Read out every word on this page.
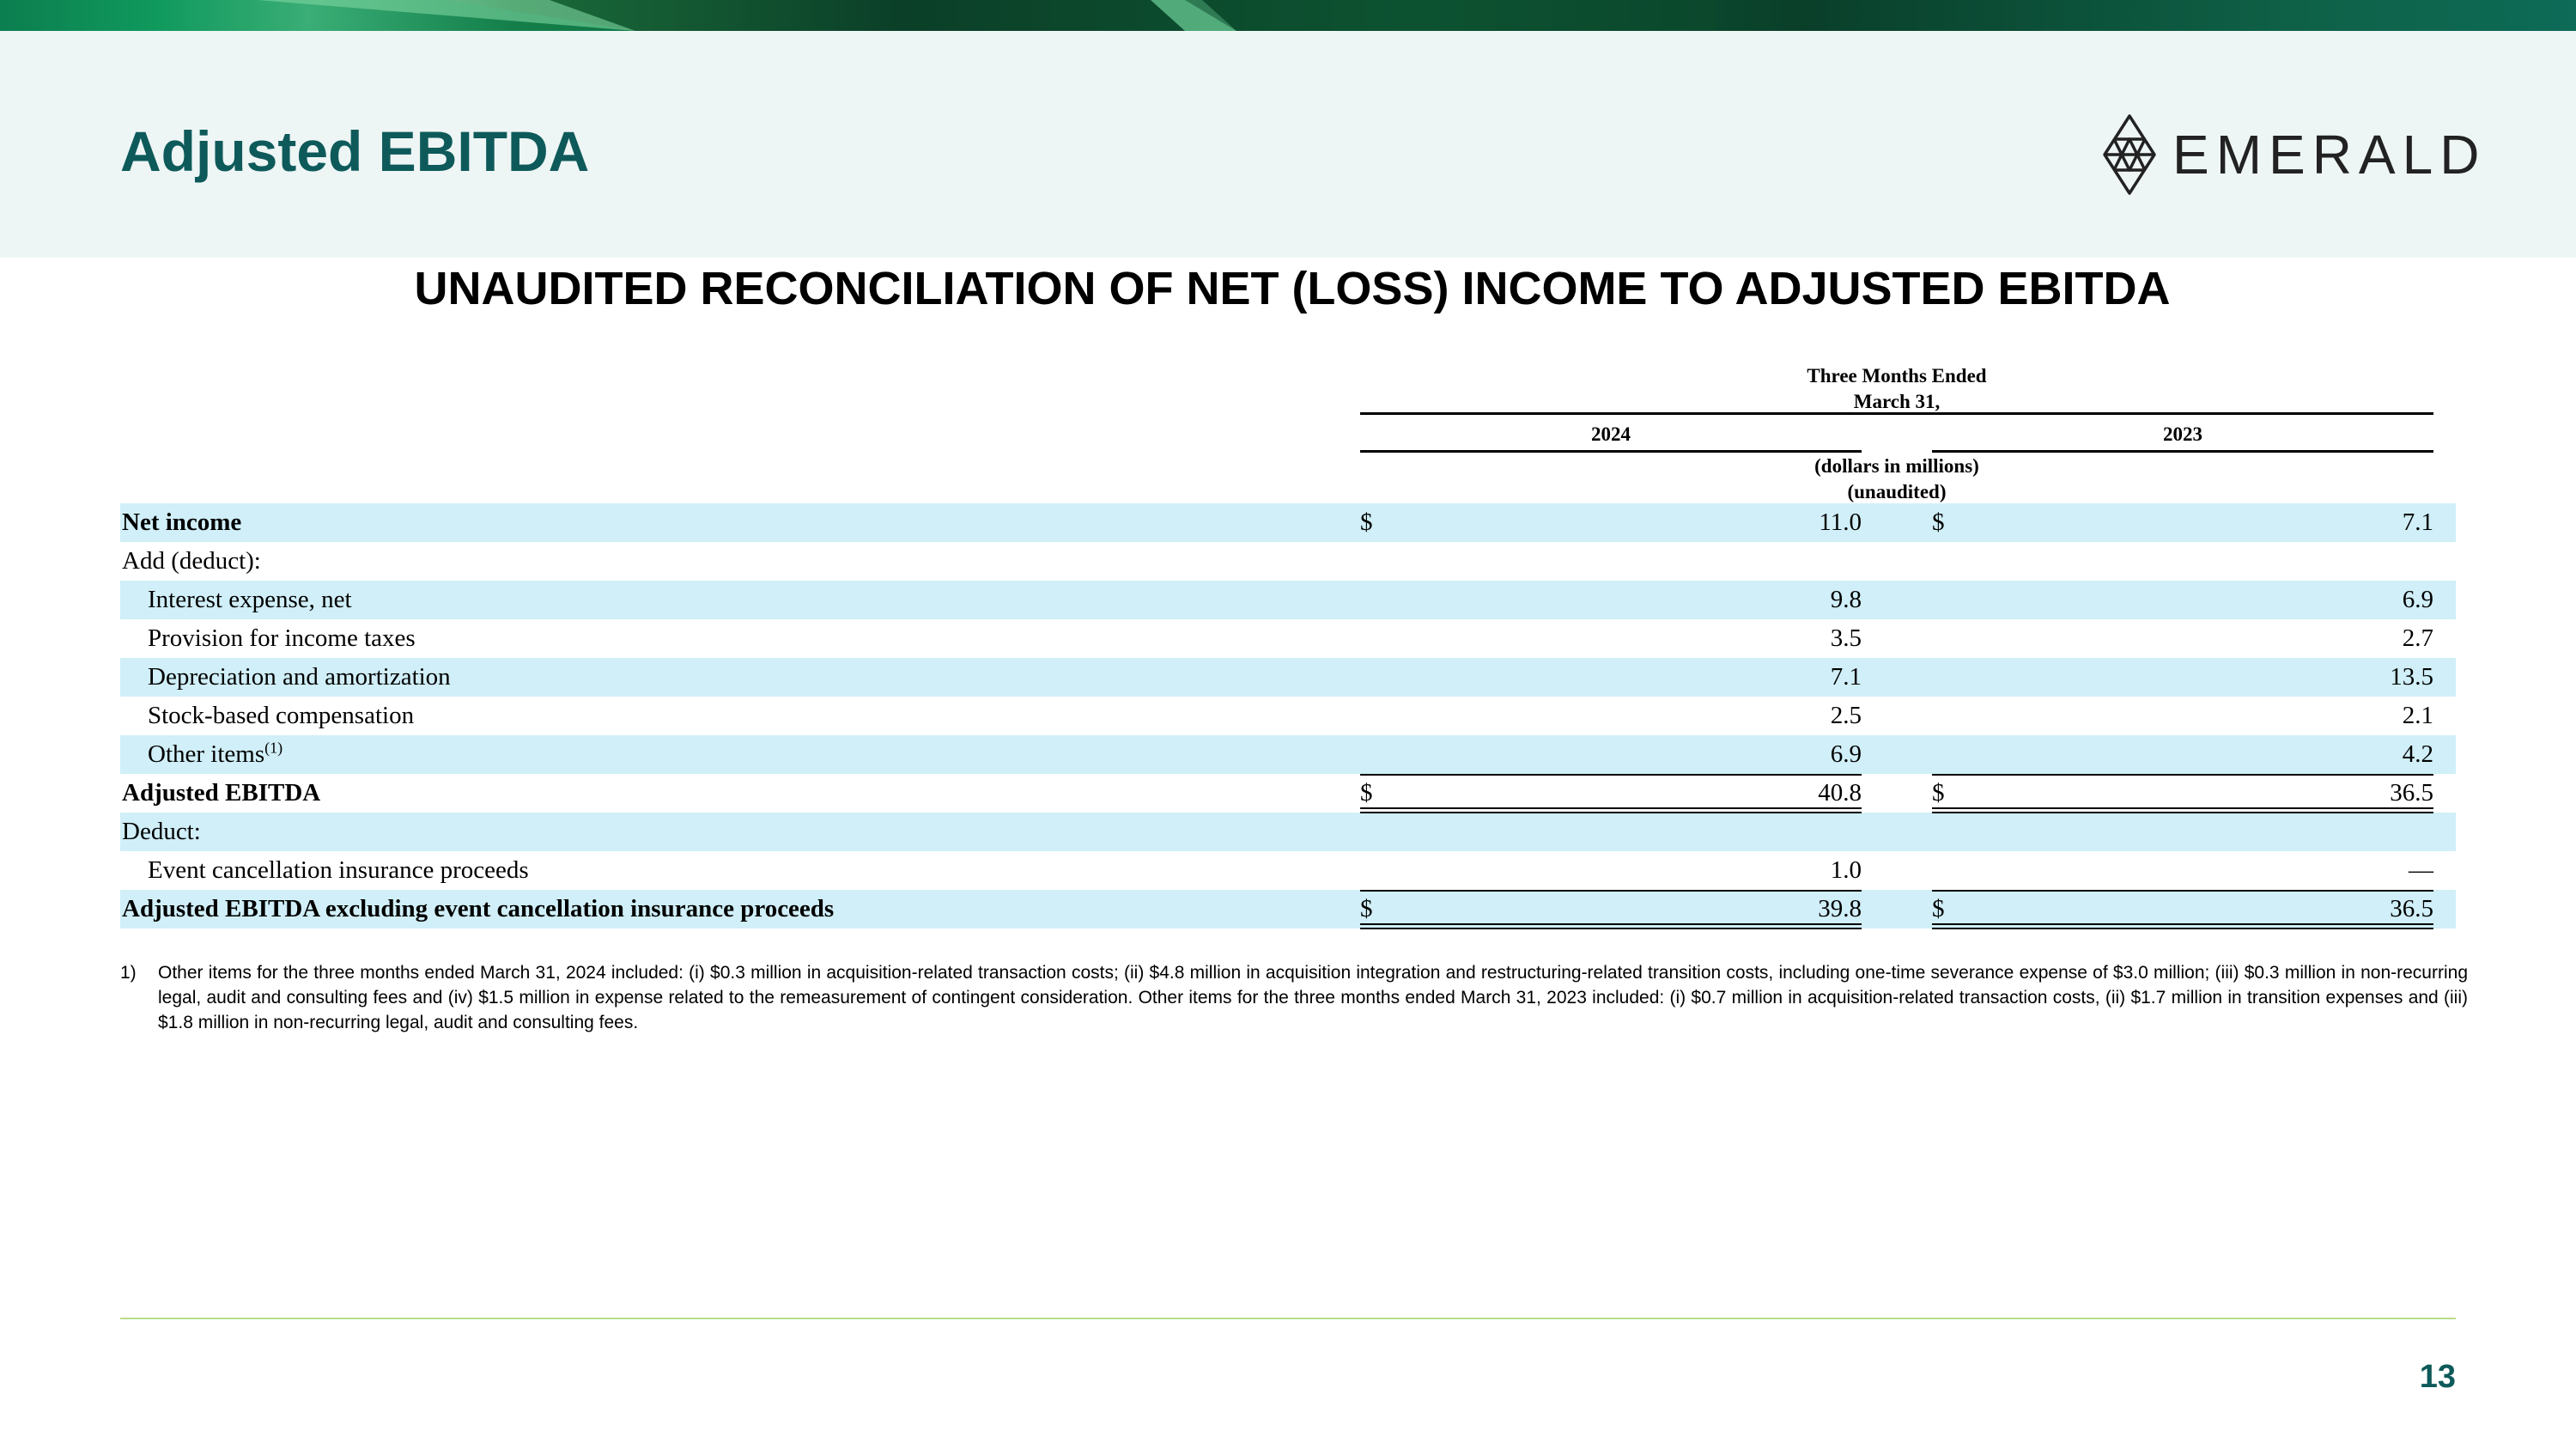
Adjusted EBITDA	EMERALD
UNAUDITED RECONCILIATION OF NET (LOSS) INCOME TO ADJUSTED EBITDA
Three Months Ended
March 31,
2024	2023
(dollars in millions)
(unaudited)
Net income	$	11.0	$	7.1
Add (deduct):
Interest expense, net	9.8	6.9
Provision for income taxes	3.5	2.7
Depreciation and amortization	7.1	13.5
Stock-based compensation	2.5	2.1
Other items$^{(1)}$	6.9	4.2
Adjusted EBITDA	$	40.8	$	36.5
Deduct:
Event cancellation insurance proceeds	1.0	—
Adjusted EBITDA excluding event cancellation insurance proceeds	$	39.8	$	36.5
1) Other items for the three months ended March 31, 2024 included: (i) $0.3 million in acquisition-related transaction costs; (ii) $4.8 million in acquisition integration and restructuring-related transition costs, including one-time severance expense of $3.0 million; (iii) $0.3 million in non-recurring legal, audit and consulting fees and (iv) $1.5 million in expense related to the remeasurement of contingent consideration. Other items for the three months ended March 31, 2023 included: (i) $0.7 million in acquisition-related transaction costs, (ii) $1.7 million in transition expenses and (iii) $1.8 million in non-recurring legal, audit and consulting fees.
13
